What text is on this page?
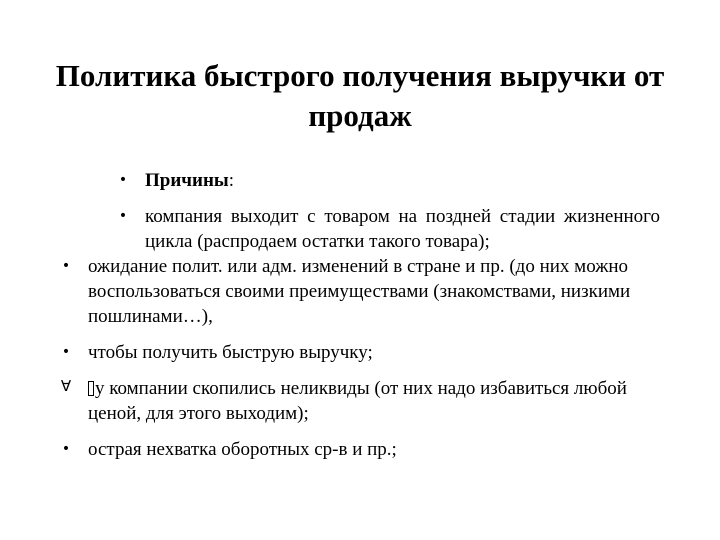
Политика быстрого получения выручки от продаж
• Причины:
• компания выходит с товаром на поздней стадии жизненного цикла (распродаем остатки такого товара);
• ожидание полит. или адм. изменений в стране и пр. (до них можно воспользоваться своими преимуществами (знакомствами, низкими пошлинами…),
• чтобы получить быструю выручку;
∀ у компании скопились неликвиды (от них надо избавиться любой ценой, для этого выходим);
• острая нехватка оборотных ср-в и пр.;
